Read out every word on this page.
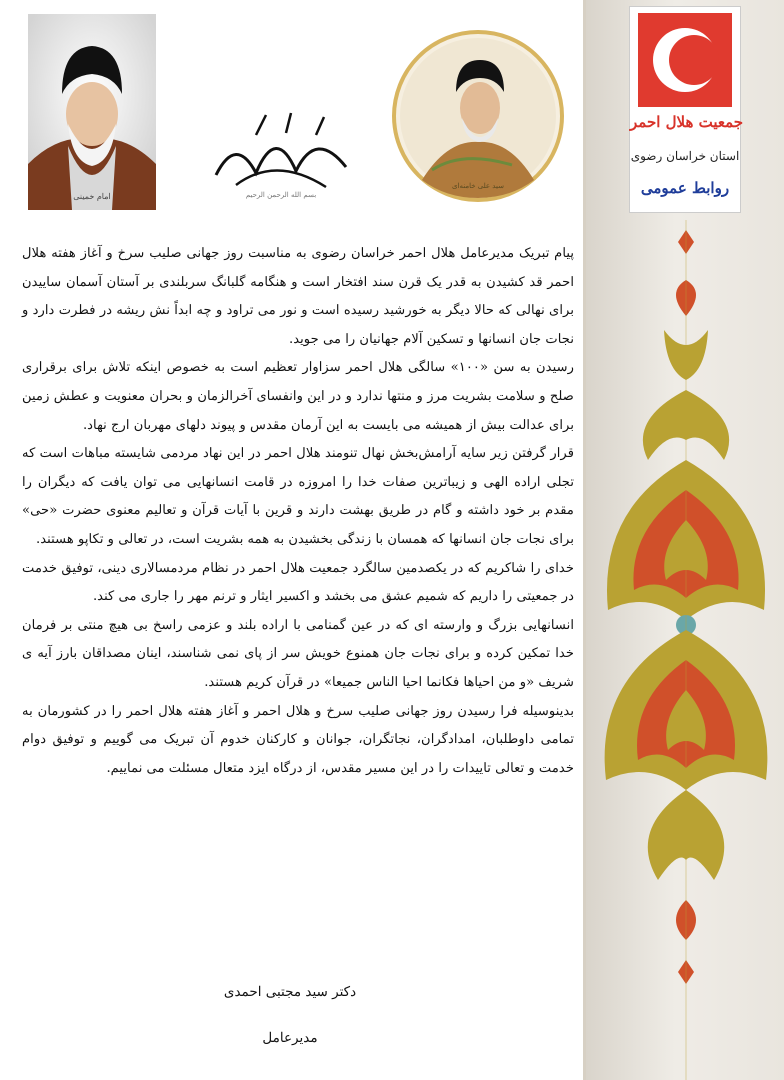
امام خمینی	بسم الله الرحمن الرحیم
سید علی خامنه‌ای
جمعیت هلال احمر
استان خراسان رضوی
روابط عمومی

پیام تبریک مدیرعامل هلال احمر خراسان رضوی به مناسبت روز جهانی صلیب سرخ و آغاز هفته هلال احمر قد کشیدن به قدر یک قرن سند افتخار است و هنگامه گلبانگ سربلندی بر آستان آسمان ساییدن برای نهالی که حالا دیگر به خورشید رسیده است و نور می تراود و چه ابداً نش ریشه در فطرت دارد و نجات جان انسانها و تسکین آلام جهانیان را می جوید.

رسیدن به سن «۱۰۰» سالگی هلال احمر سزاوار تعظیم است به خصوص اینکه تلاش برای برقراری صلح و سلامت بشریت مرز و منتها ندارد و در این وانفسای آخرالزمان و بحران معنویت و عطش زمین برای عدالت بیش از همیشه می بایست به این آرمان مقدس و پیوند دلهای مهربان ارج نهاد.

قرار گرفتن زیر سایه آرامش‌بخش نهال تنومند هلال احمر در این نهاد مردمی شایسته مباهات است که تجلی اراده الهی و زیباترین صفات خدا را امروزه در قامت انسانهایی می توان یافت که دیگران را مقدم بر خود داشته و گام در طریق بهشت دارند و قرین با آیات قرآن و تعالیم معنوی حضرت «حی» برای نجات جان انسانها که همسان با زندگی بخشیدن به همه بشریت است، در تعالی و تکاپو هستند.

خدای را شاکریم که در یکصدمین سالگرد جمعیت هلال احمر در نظام مردمسالاری دینی، توفیق خدمت در جمعیتی را داریم که شمیم عشق می بخشد و اکسیر ایثار و ترنم مهر را جاری می کند.

انسانهایی بزرگ و وارسته ای که در عین گمنامی با اراده بلند و عزمی راسخ بی هیچ منتی بر فرمان خدا تمکین کرده و برای نجات جان همنوع خویش سر از پای نمی شناسند، اینان مصداقان بارز آیه ی شریف «و من احیاها فکانما احیا الناس جمیعا» در قرآن کریم هستند.

بدینوسیله فرا رسیدن روز جهانی صلیب سرخ و هلال احمر و آغاز هفته هلال احمر را در کشورمان به تمامی داوطلبان، امدادگران، نجاتگران، جوانان و کارکنان خدوم آن تبریک می گوییم و توفیق دوام خدمت و تعالی تاییدات را در این مسیر مقدس، از درگاه ایزد متعال مسئلت می نماییم.

دکتر سید مجتبی احمدی
مدیرعامل
